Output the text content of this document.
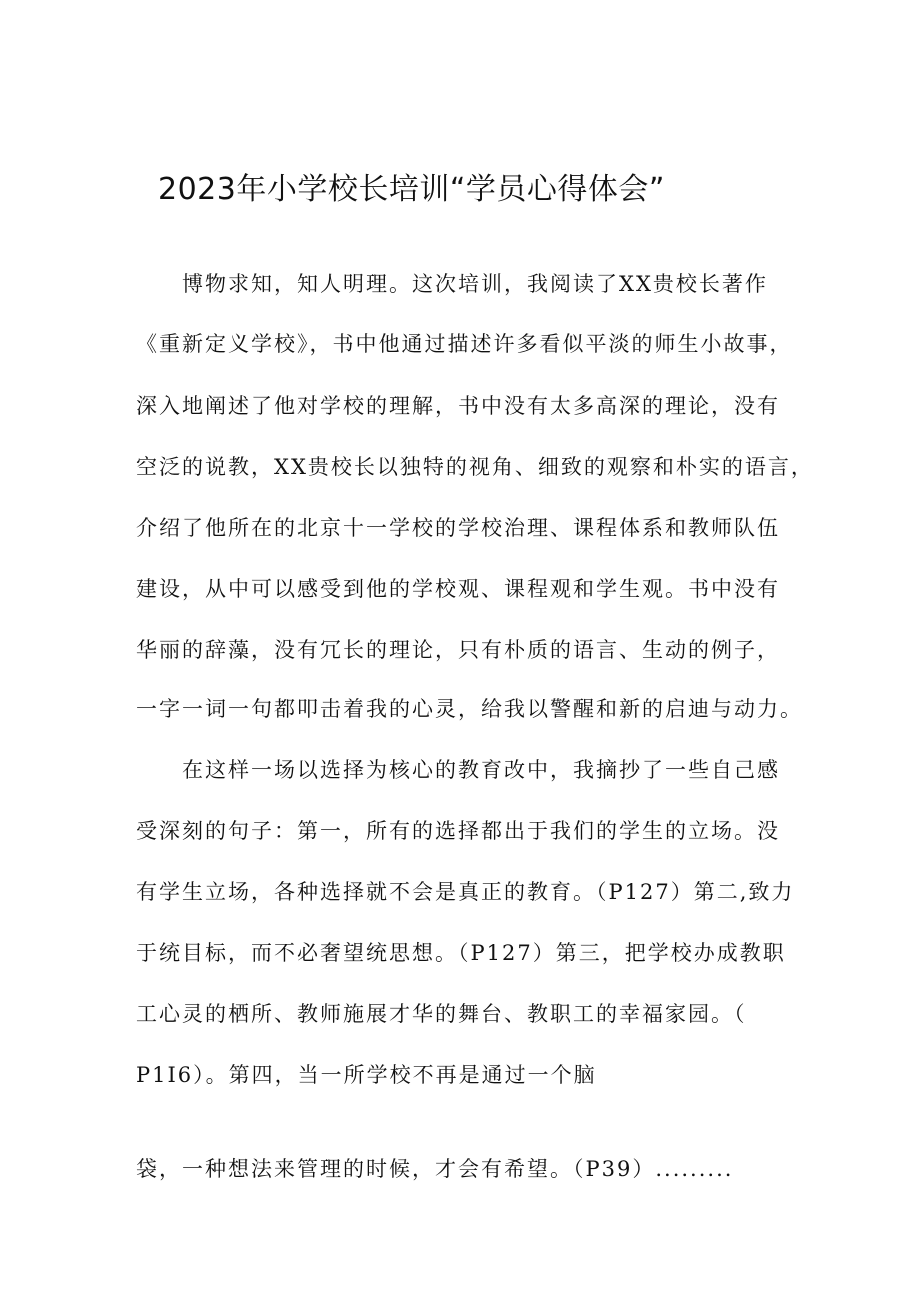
2023年小学校长培训“学员心得体会”

　　博物求知，知人明理。这次培训，我阅读了XX贵校长著作

《重新定义学校》，书中他通过描述许多看似平淡的师生小故事，

深入地阐述了他对学校的理解，书中没有太多高深的理论，没有

空泛的说教，XX贵校长以独特的视角、细致的观察和朴实的语言，

介绍了他所在的北京十一学校的学校治理、课程体系和教师队伍

建设，从中可以感受到他的学校观、课程观和学生观。书中没有

华丽的辞藻，没有冗长的理论，只有朴质的语言、生动的例子，

一字一词一句都叩击着我的心灵，给我以警醒和新的启迪与动力。

　　在这样一场以选择为核心的教育改中，我摘抄了一些自己感

受深刻的句子：第一，所有的选择都出于我们的学生的立场。没

有学生立场，各种选择就不会是真正的教育。（P127）第二,致力

于统目标，而不必奢望统思想。（P127）第三，把学校办成教职

工心灵的栖所、教师施展才华的舞台、教职工的幸福家园。（

P1I6）。第四，当一所学校不再是通过一个脑

袋，一种想法来管理的时候，才会有希望。（P39）.........
